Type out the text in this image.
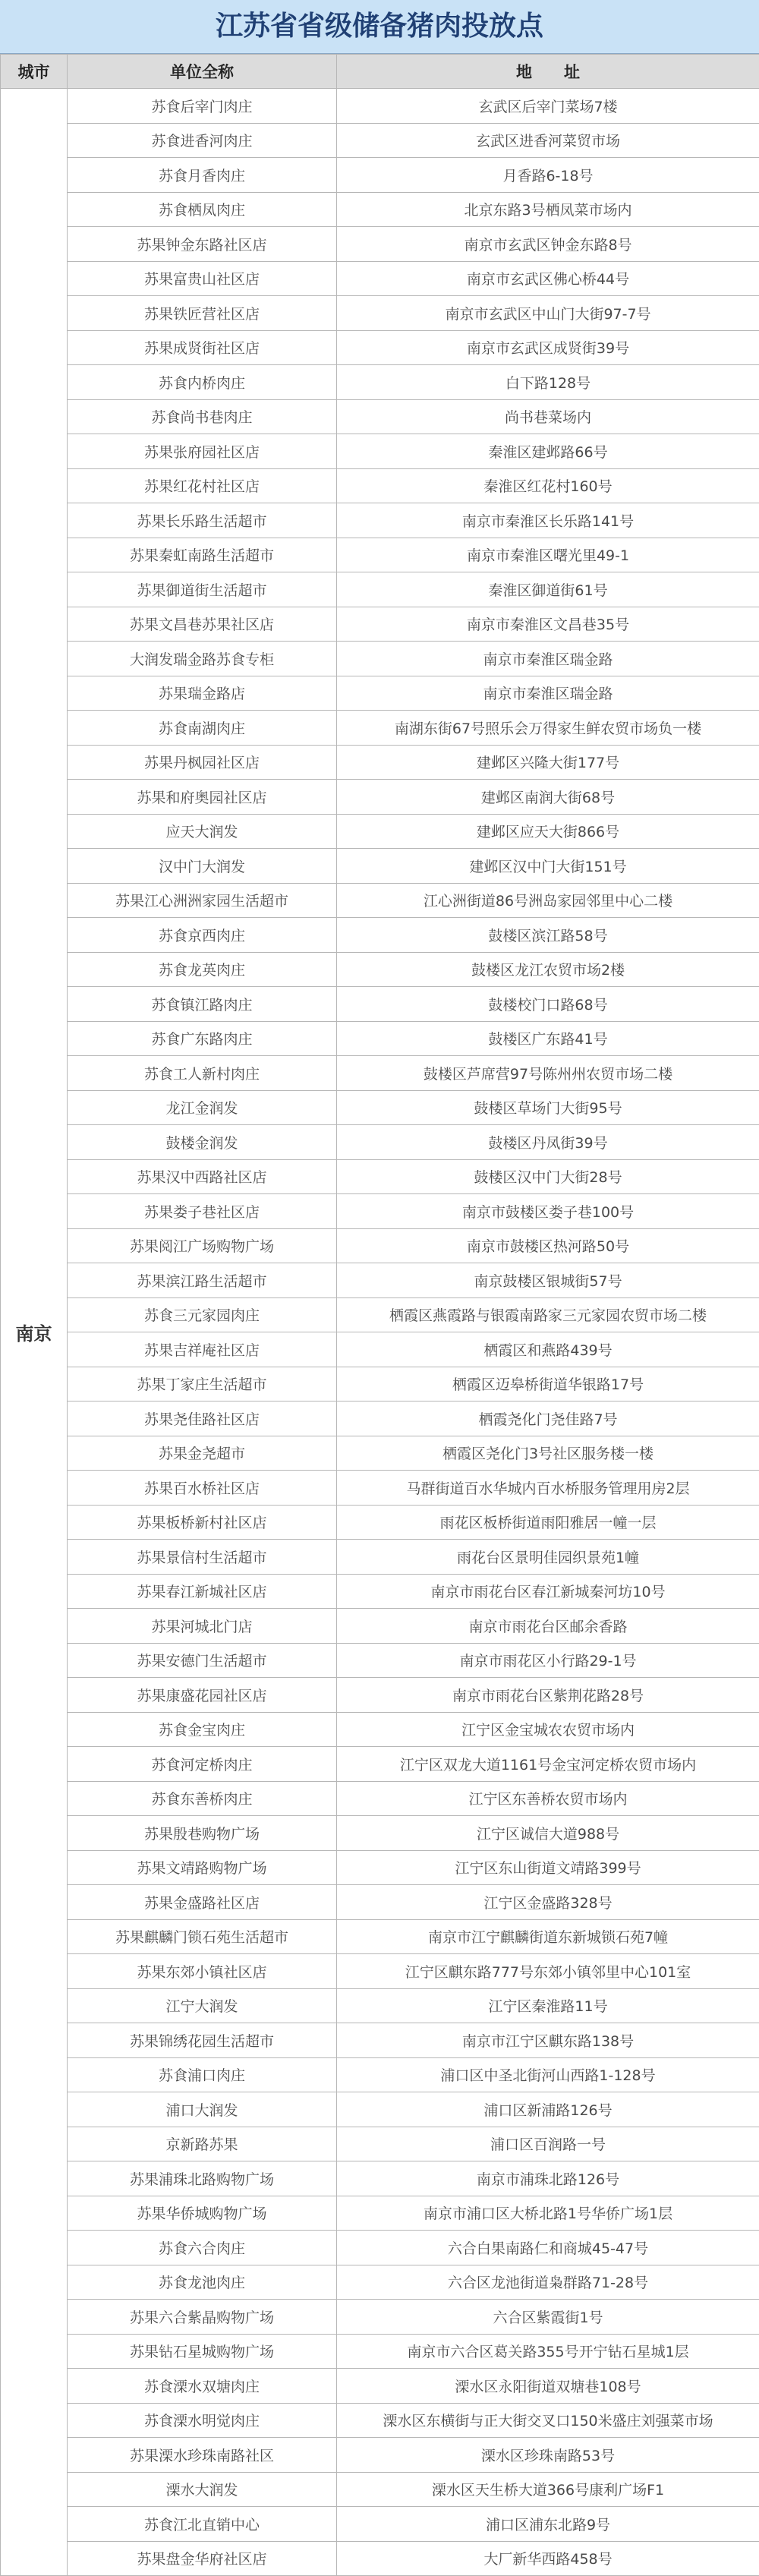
江苏省省级储备猪肉投放点
城市	单位全称	地　　址
南京	苏食后宰门肉庄	玄武区后宰门菜场7楼
	苏食进香河肉庄	玄武区进香河菜贸市场
	苏食月香肉庄	月香路6-18号
	苏食栖凤肉庄	北京东路3号栖凤菜市场内
	苏果钟金东路社区店	南京市玄武区钟金东路8号
	苏果富贵山社区店	南京市玄武区佛心桥44号
	苏果铁匠营社区店	南京市玄武区中山门大街97-7号
	苏果成贤街社区店	南京市玄武区成贤街39号
	苏食内桥肉庄	白下路128号
	苏食尚书巷肉庄	尚书巷菜场内
	苏果张府园社区店	秦淮区建邺路66号
	苏果红花村社区店	秦淮区红花村160号
	苏果长乐路生活超市	南京市秦淮区长乐路141号
	苏果秦虹南路生活超市	南京市秦淮区曙光里49-1
	苏果御道街生活超市	秦淮区御道街61号
	苏果文昌巷苏果社区店	南京市秦淮区文昌巷35号
	大润发瑞金路苏食专柜	南京市秦淮区瑞金路
	苏果瑞金路店	南京市秦淮区瑞金路
	苏食南湖肉庄	南湖东街67号照乐会万得家生鲜农贸市场负一楼
	苏果丹枫园社区店	建邺区兴隆大街177号
	苏果和府奥园社区店	建邺区南润大街68号
	应天大润发	建邺区应天大街866号
	汉中门大润发	建邺区汉中门大街151号
	苏果江心洲洲家园生活超市	江心洲街道86号洲岛家园邻里中心二楼
	苏食京西肉庄	鼓楼区滨江路58号
	苏食龙英肉庄	鼓楼区龙江农贸市场2楼
	苏食镇江路肉庄	鼓楼校门口路68号
	苏食广东路肉庄	鼓楼区广东路41号
	苏食工人新村肉庄	鼓楼区芦席营97号陈州州农贸市场二楼
	龙江金润发	鼓楼区草场门大街95号
	鼓楼金润发	鼓楼区丹凤街39号
	苏果汉中西路社区店	鼓楼区汉中门大街28号
	苏果娄子巷社区店	南京市鼓楼区娄子巷100号
	苏果阅江广场购物广场	南京市鼓楼区热河路50号
	苏果滨江路生活超市	南京鼓楼区银城街57号
	苏食三元家园肉庄	栖霞区燕霞路与银霞南路家三元家园农贸市场二楼
	苏果吉祥庵社区店	栖霞区和燕路439号
	苏果丁家庄生活超市	栖霞区迈皋桥街道华银路17号
	苏果尧佳路社区店	栖霞尧化门尧佳路7号
	苏果金尧超市	栖霞区尧化门3号社区服务楼一楼
	苏果百水桥社区店	马群街道百水华城内百水桥服务管理用房2层
	苏果板桥新村社区店	雨花区板桥街道雨阳雅居一幢一层
	苏果景信村生活超市	雨花台区景明佳园织景苑1幢
	苏果春江新城社区店	南京市雨花台区春江新城秦河坊10号
	苏果河城北门店	南京市雨花台区邮余香路
	苏果安德门生活超市	南京市雨花区小行路29-1号
	苏果康盛花园社区店	南京市雨花台区紫荆花路28号
	苏食金宝肉庄	江宁区金宝城农农贸市场内
	苏食河定桥肉庄	江宁区双龙大道1161号金宝河定桥农贸市场内
	苏食东善桥肉庄	江宁区东善桥农贸市场内
	苏果殷巷购物广场	江宁区诚信大道988号
	苏果文靖路购物广场	江宁区东山街道文靖路399号
	苏果金盛路社区店	江宁区金盛路328号
	苏果麒麟门锁石苑生活超市	南京市江宁麒麟街道东新城锁石苑7幢
	苏果东郊小镇社区店	江宁区麒东路777号东郊小镇邻里中心101室
	江宁大润发	江宁区秦淮路11号
	苏果锦绣花园生活超市	南京市江宁区麒东路138号
	苏食浦口肉庄	浦口区中圣北街河山西路1-128号
	浦口大润发	浦口区新浦路126号
	京新路苏果	浦口区百润路一号
	苏果浦珠北路购物广场	南京市浦珠北路126号
	苏果华侨城购物广场	南京市浦口区大桥北路1号华侨广场1层
	苏食六合肉庄	六合白果南路仁和商城45-47号
	苏食龙池肉庄	六合区龙池街道枭群路71-28号
	苏果六合紫晶购物广场	六合区紫霞街1号
	苏果钻石星城购物广场	南京市六合区葛关路355号开宁钻石星城1层
	苏食溧水双塘肉庄	溧水区永阳街道双塘巷108号
	苏食溧水明觉肉庄	溧水区东横街与正大街交叉口150米盛庄刘强菜市场
	苏果溧水珍珠南路社区	溧水区珍珠南路53号
	溧水大润发	溧水区天生桥大道366号康利广场F1
	苏食江北直销中心	浦口区浦东北路9号
	苏果盘金华府社区店	大厂新华西路458号
